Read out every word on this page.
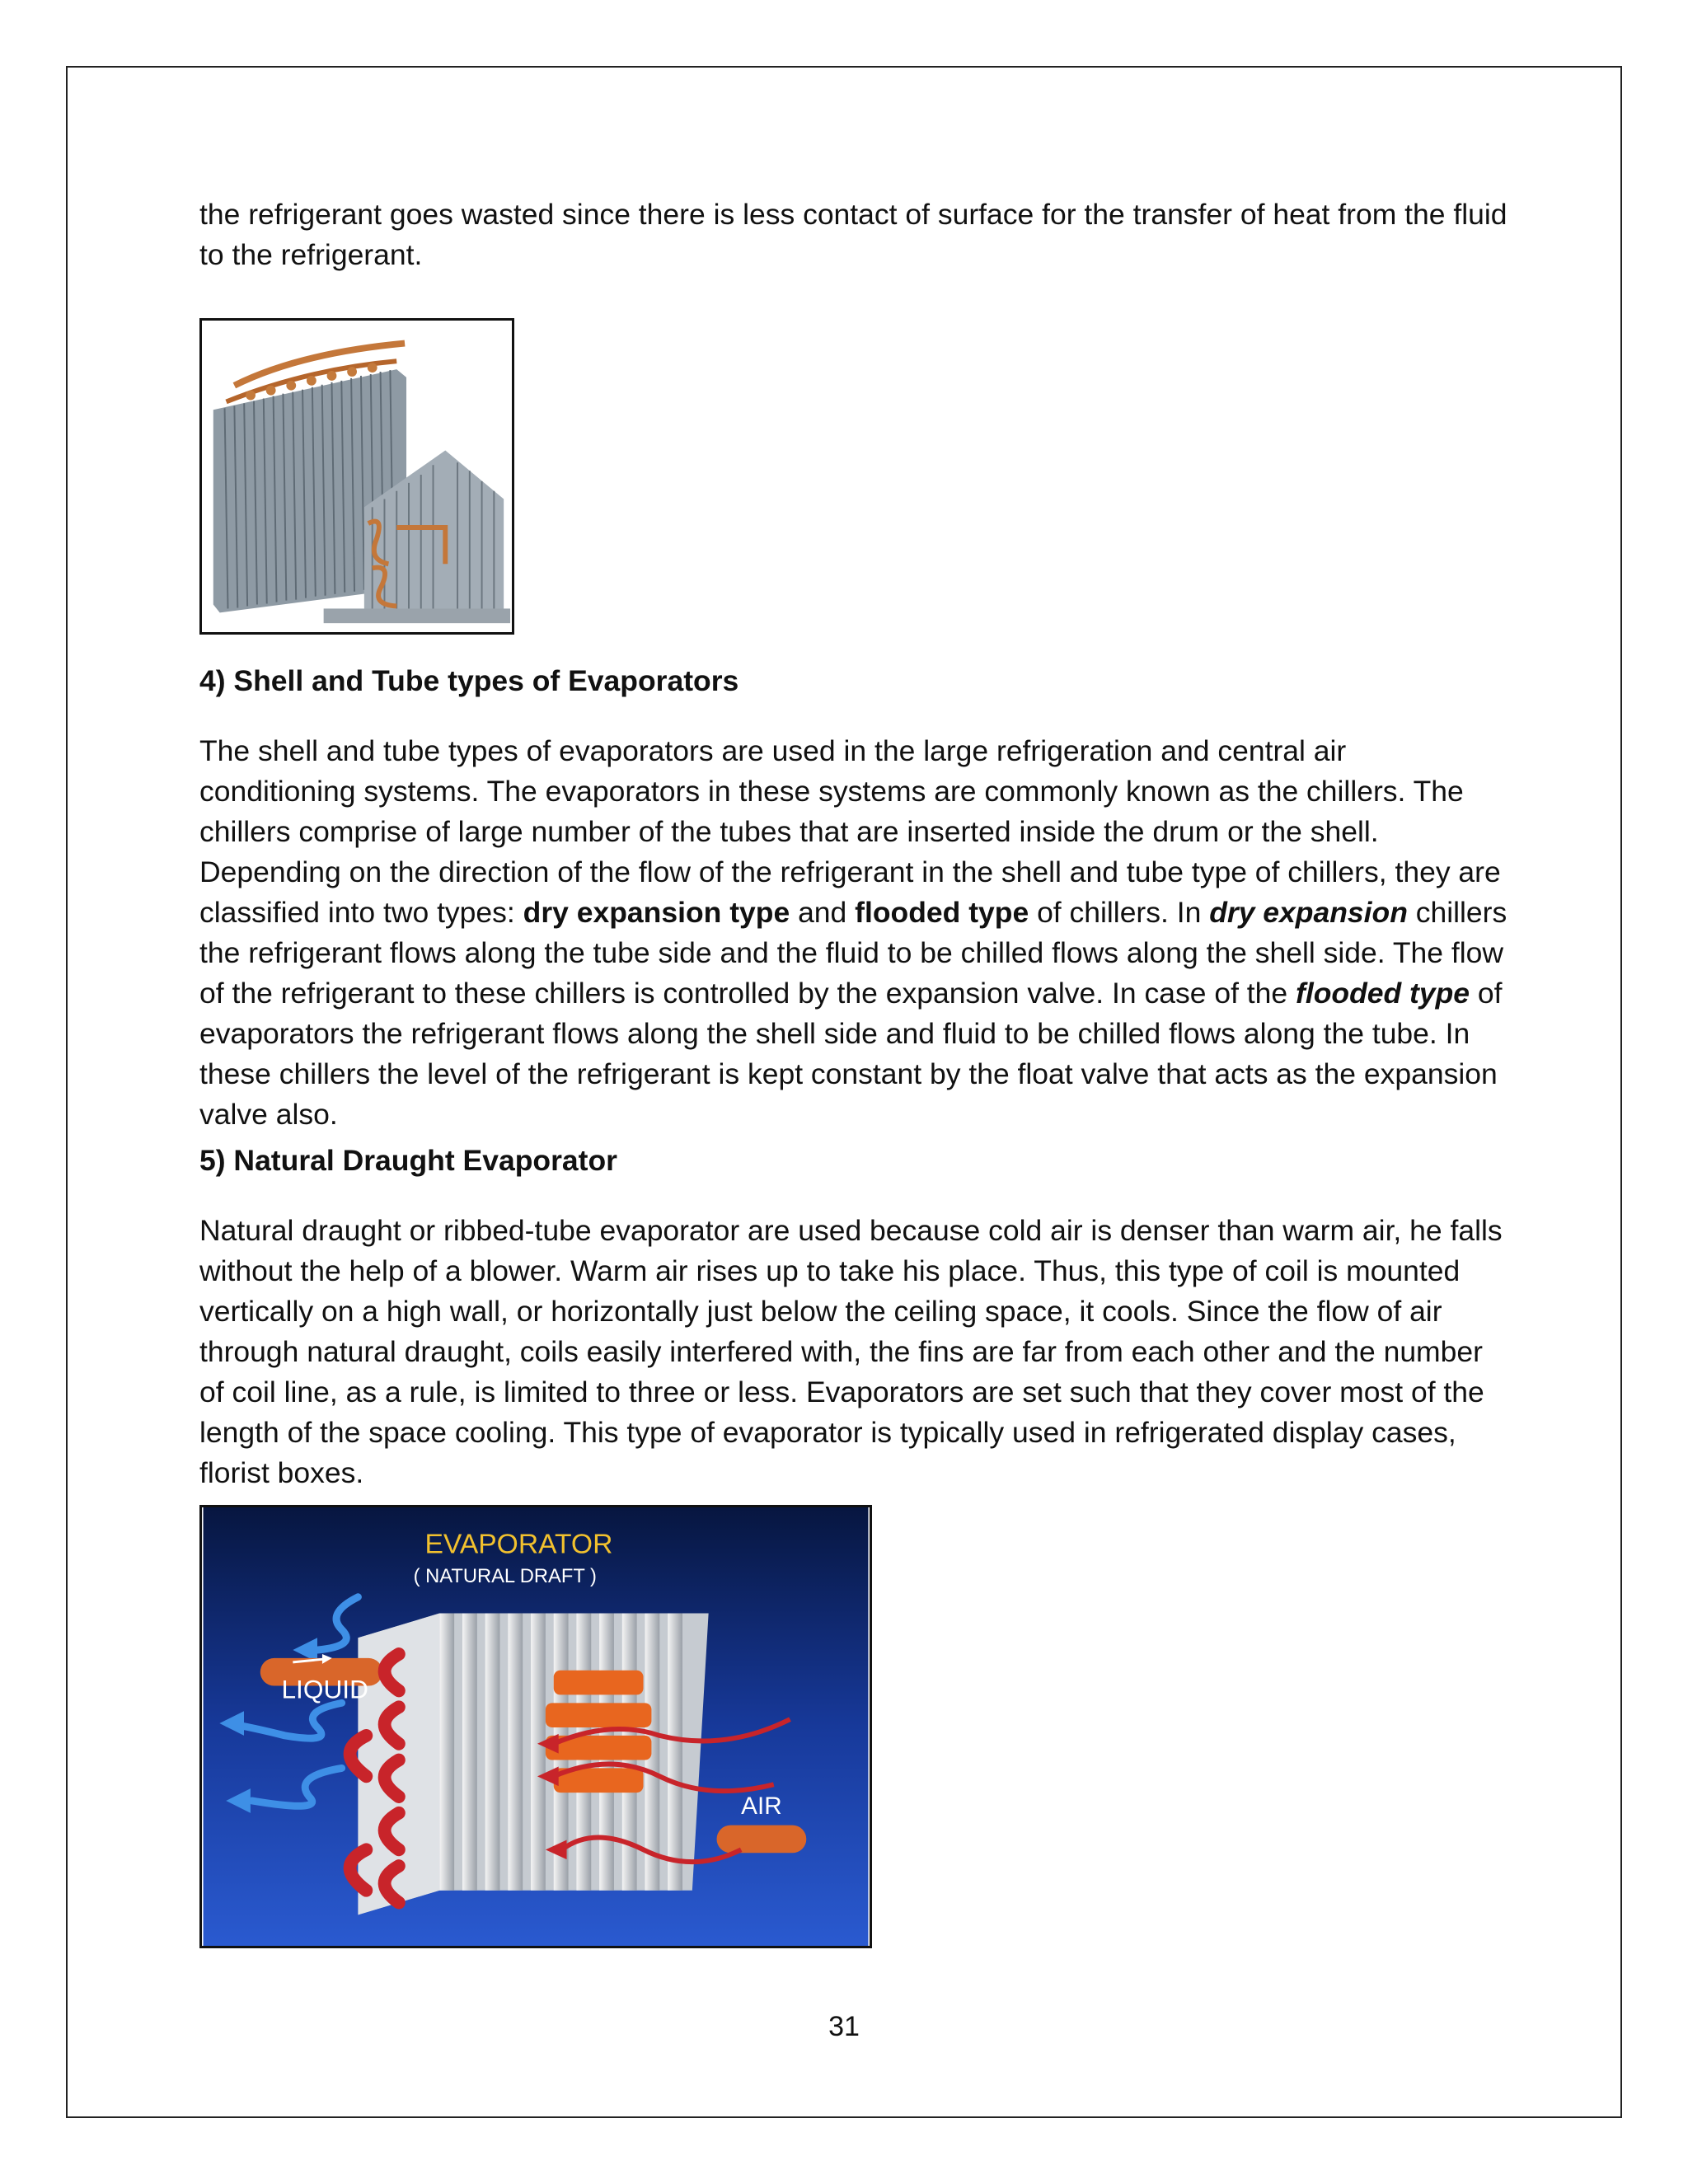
the refrigerant goes wasted since there is less contact of surface for the transfer of heat from the fluid to the refrigerant.

4) Shell and Tube types of Evaporators

The shell and tube types of evaporators are used in the large refrigeration and central air conditioning systems. The evaporators in these systems are commonly known as the chillers. The chillers comprise of large number of the tubes that are inserted inside the drum or the shell. Depending on the direction of the flow of the refrigerant in the shell and tube type of chillers, they are classified into two types: dry expansion type and flooded type of chillers. In dry expansion chillers the refrigerant flows along the tube side and the fluid to be chilled flows along the shell side. The flow of the refrigerant to these chillers is controlled by the expansion valve. In case of the flooded type of evaporators the refrigerant flows along the shell side and fluid to be chilled flows along the tube. In these chillers the level of the refrigerant is kept constant by the float valve that acts as the expansion valve also.

5) Natural Draught Evaporator

Natural draught or ribbed-tube evaporator are used because cold air is denser than warm air, he falls without the help of a blower. Warm air rises up to take his place. Thus, this type of coil is mounted vertically on a high wall, or horizontally just below the ceiling space, it cools. Since the flow of air through natural draught, coils easily interfered with, the fins are far from each other and the number of coil line, as a rule, is limited to three or less. Evaporators are set such that they cover most of the length of the space cooling. This type of evaporator is typically used in refrigerated display cases, florist boxes.

EVAPORATOR
( NATURAL DRAFT )
LIQUID
AIR
31
